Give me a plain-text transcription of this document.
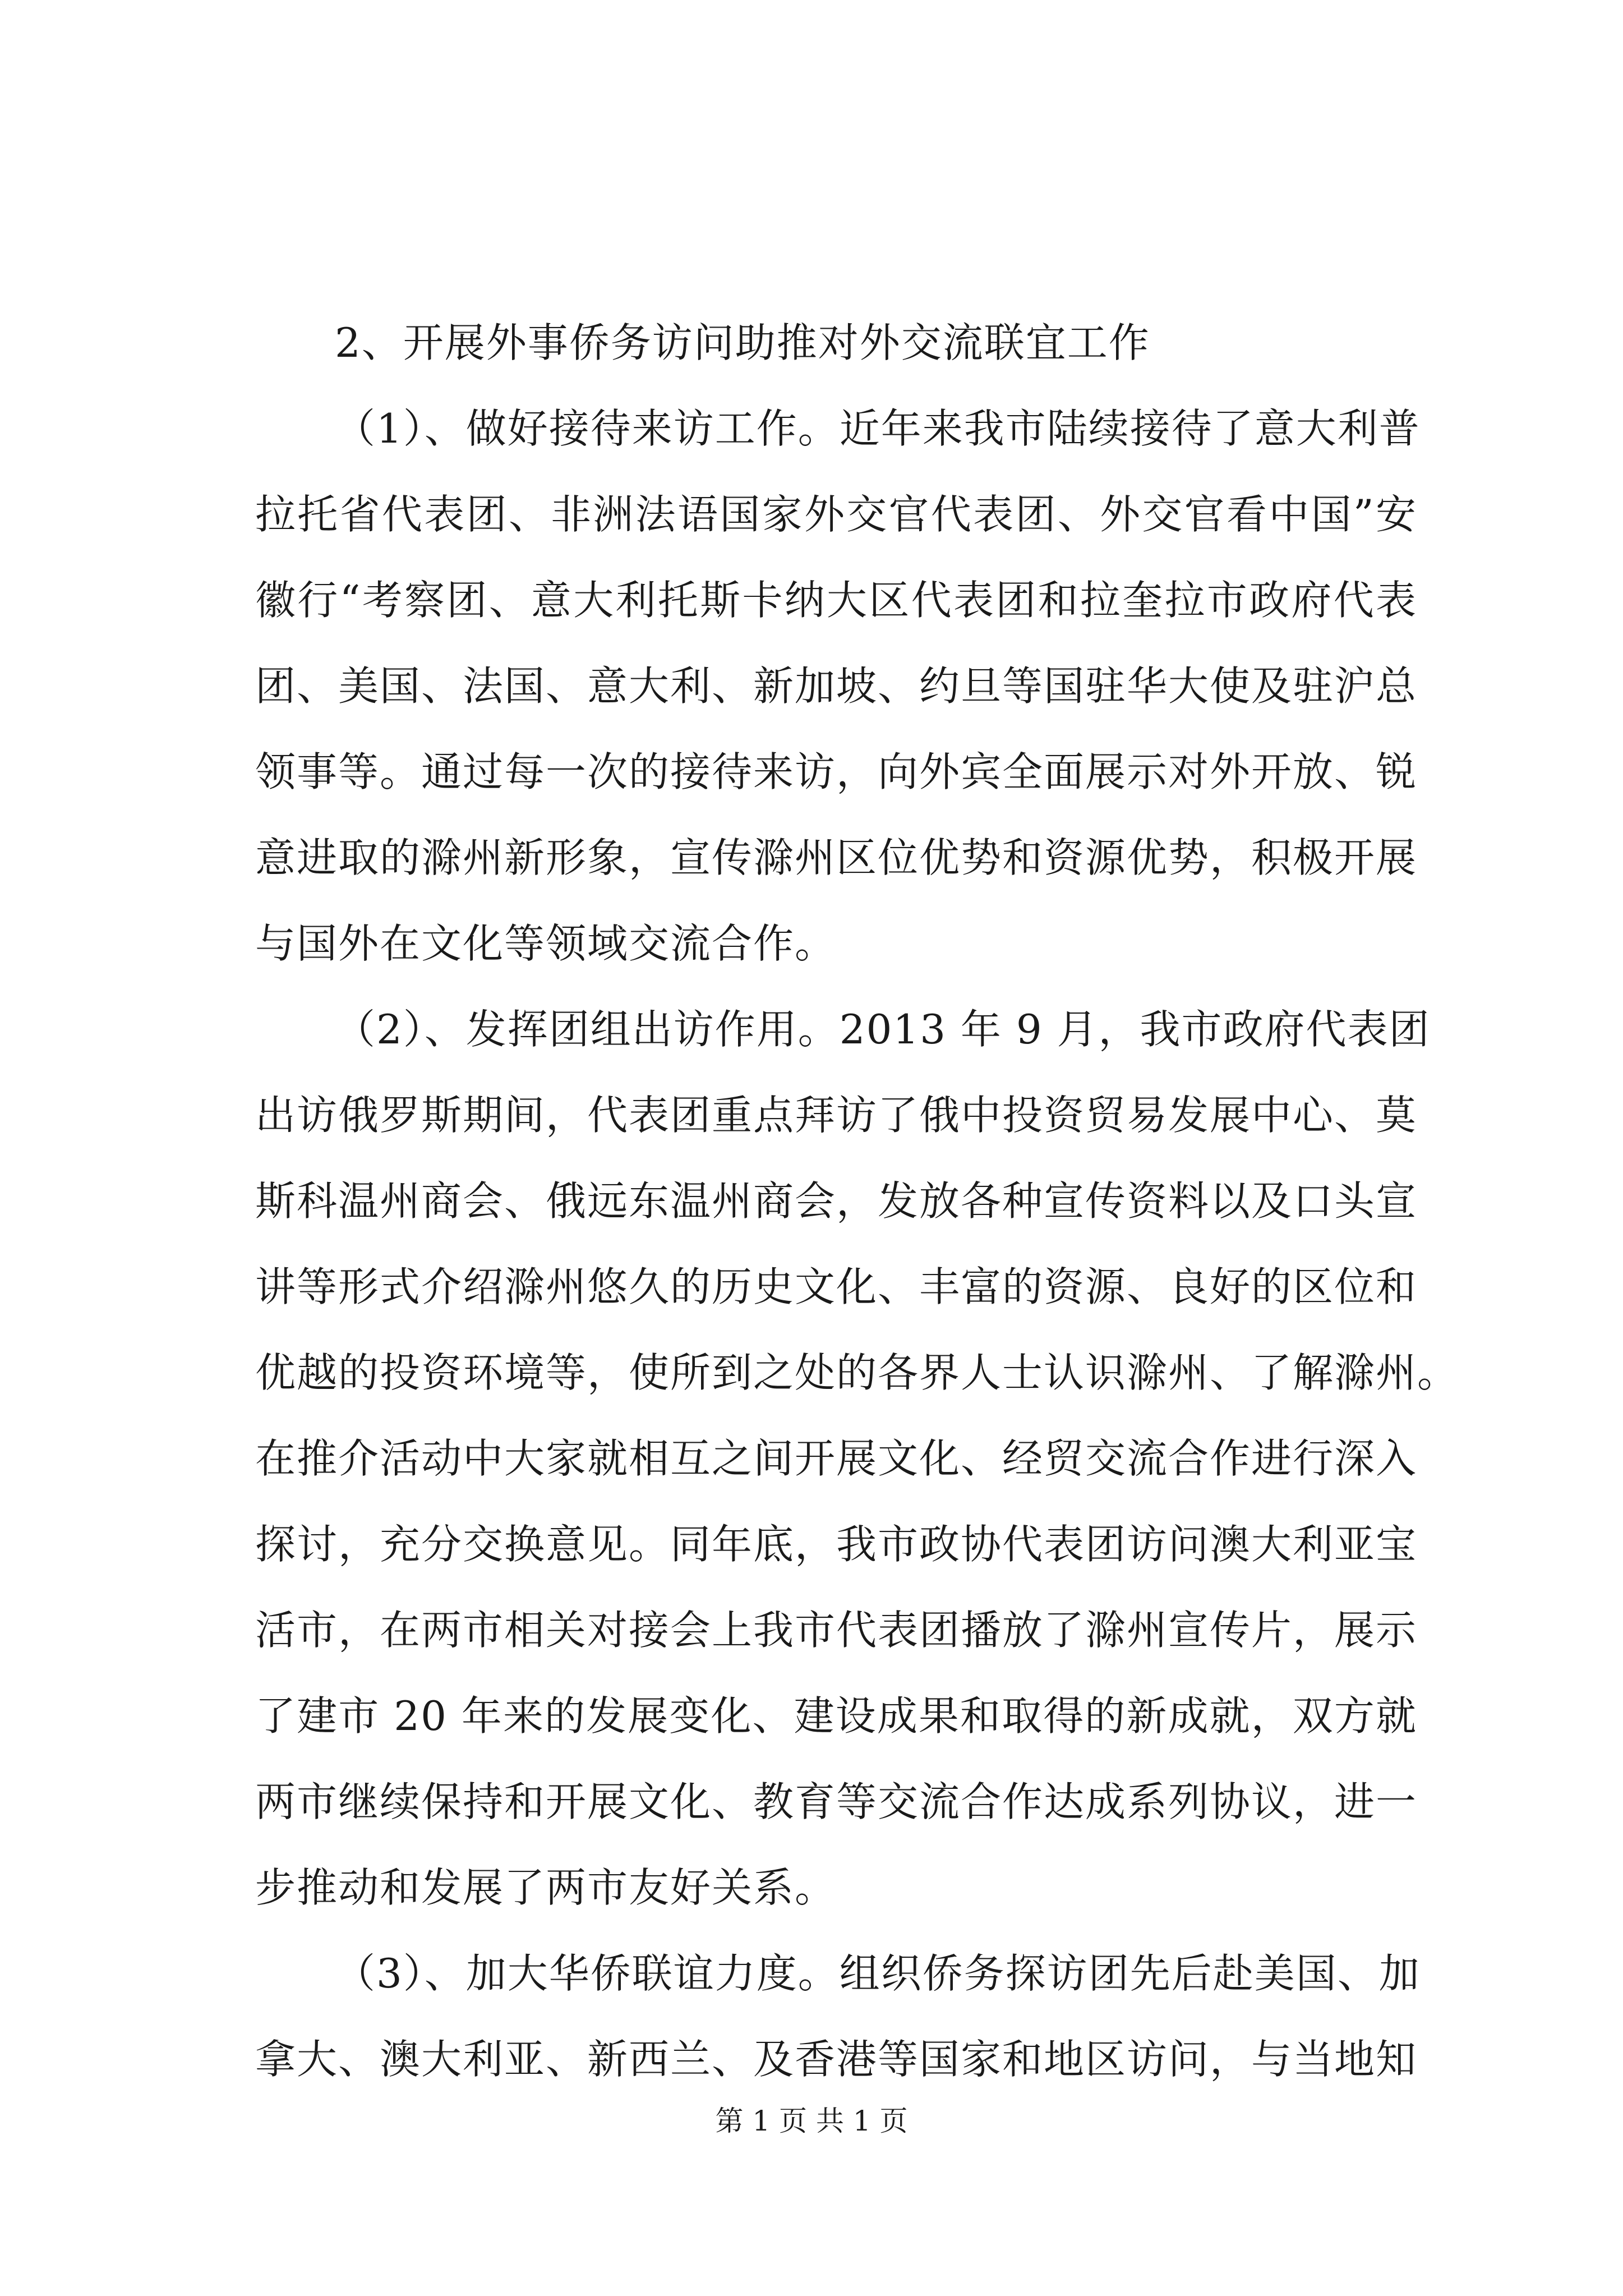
2、开展外事侨务访问助推对外交流联宜工作
（1）、做好接待来访工作。近年来我市陆续接待了意大利普
拉托省代表团、非洲法语国家外交官代表团、外交官看中国”安
徽行“考察团、意大利托斯卡纳大区代表团和拉奎拉市政府代表
团、美国、法国、意大利、新加坡、约旦等国驻华大使及驻沪总
领事等。通过每一次的接待来访，向外宾全面展示对外开放、锐
意进取的滁州新形象，宣传滁州区位优势和资源优势，积极开展
与国外在文化等领域交流合作。
（2）、发挥团组出访作用。2013 年 9 月，我市政府代表团
出访俄罗斯期间，代表团重点拜访了俄中投资贸易发展中心、莫
斯科温州商会、俄远东温州商会，发放各种宣传资料以及口头宣
讲等形式介绍滁州悠久的历史文化、丰富的资源、良好的区位和
优越的投资环境等，使所到之处的各界人士认识滁州、了解滁州。
在推介活动中大家就相互之间开展文化、经贸交流合作进行深入
探讨，充分交换意见。同年底，我市政协代表团访问澳大利亚宝
活市，在两市相关对接会上我市代表团播放了滁州宣传片，展示
了建市 20 年来的发展变化、建设成果和取得的新成就，双方就
两市继续保持和开展文化、教育等交流合作达成系列协议，进一
步推动和发展了两市友好关系。
（3）、加大华侨联谊力度。组织侨务探访团先后赴美国、加
拿大、澳大利亚、新西兰、及香港等国家和地区访问，与当地知
第 1 页 共 1 页
